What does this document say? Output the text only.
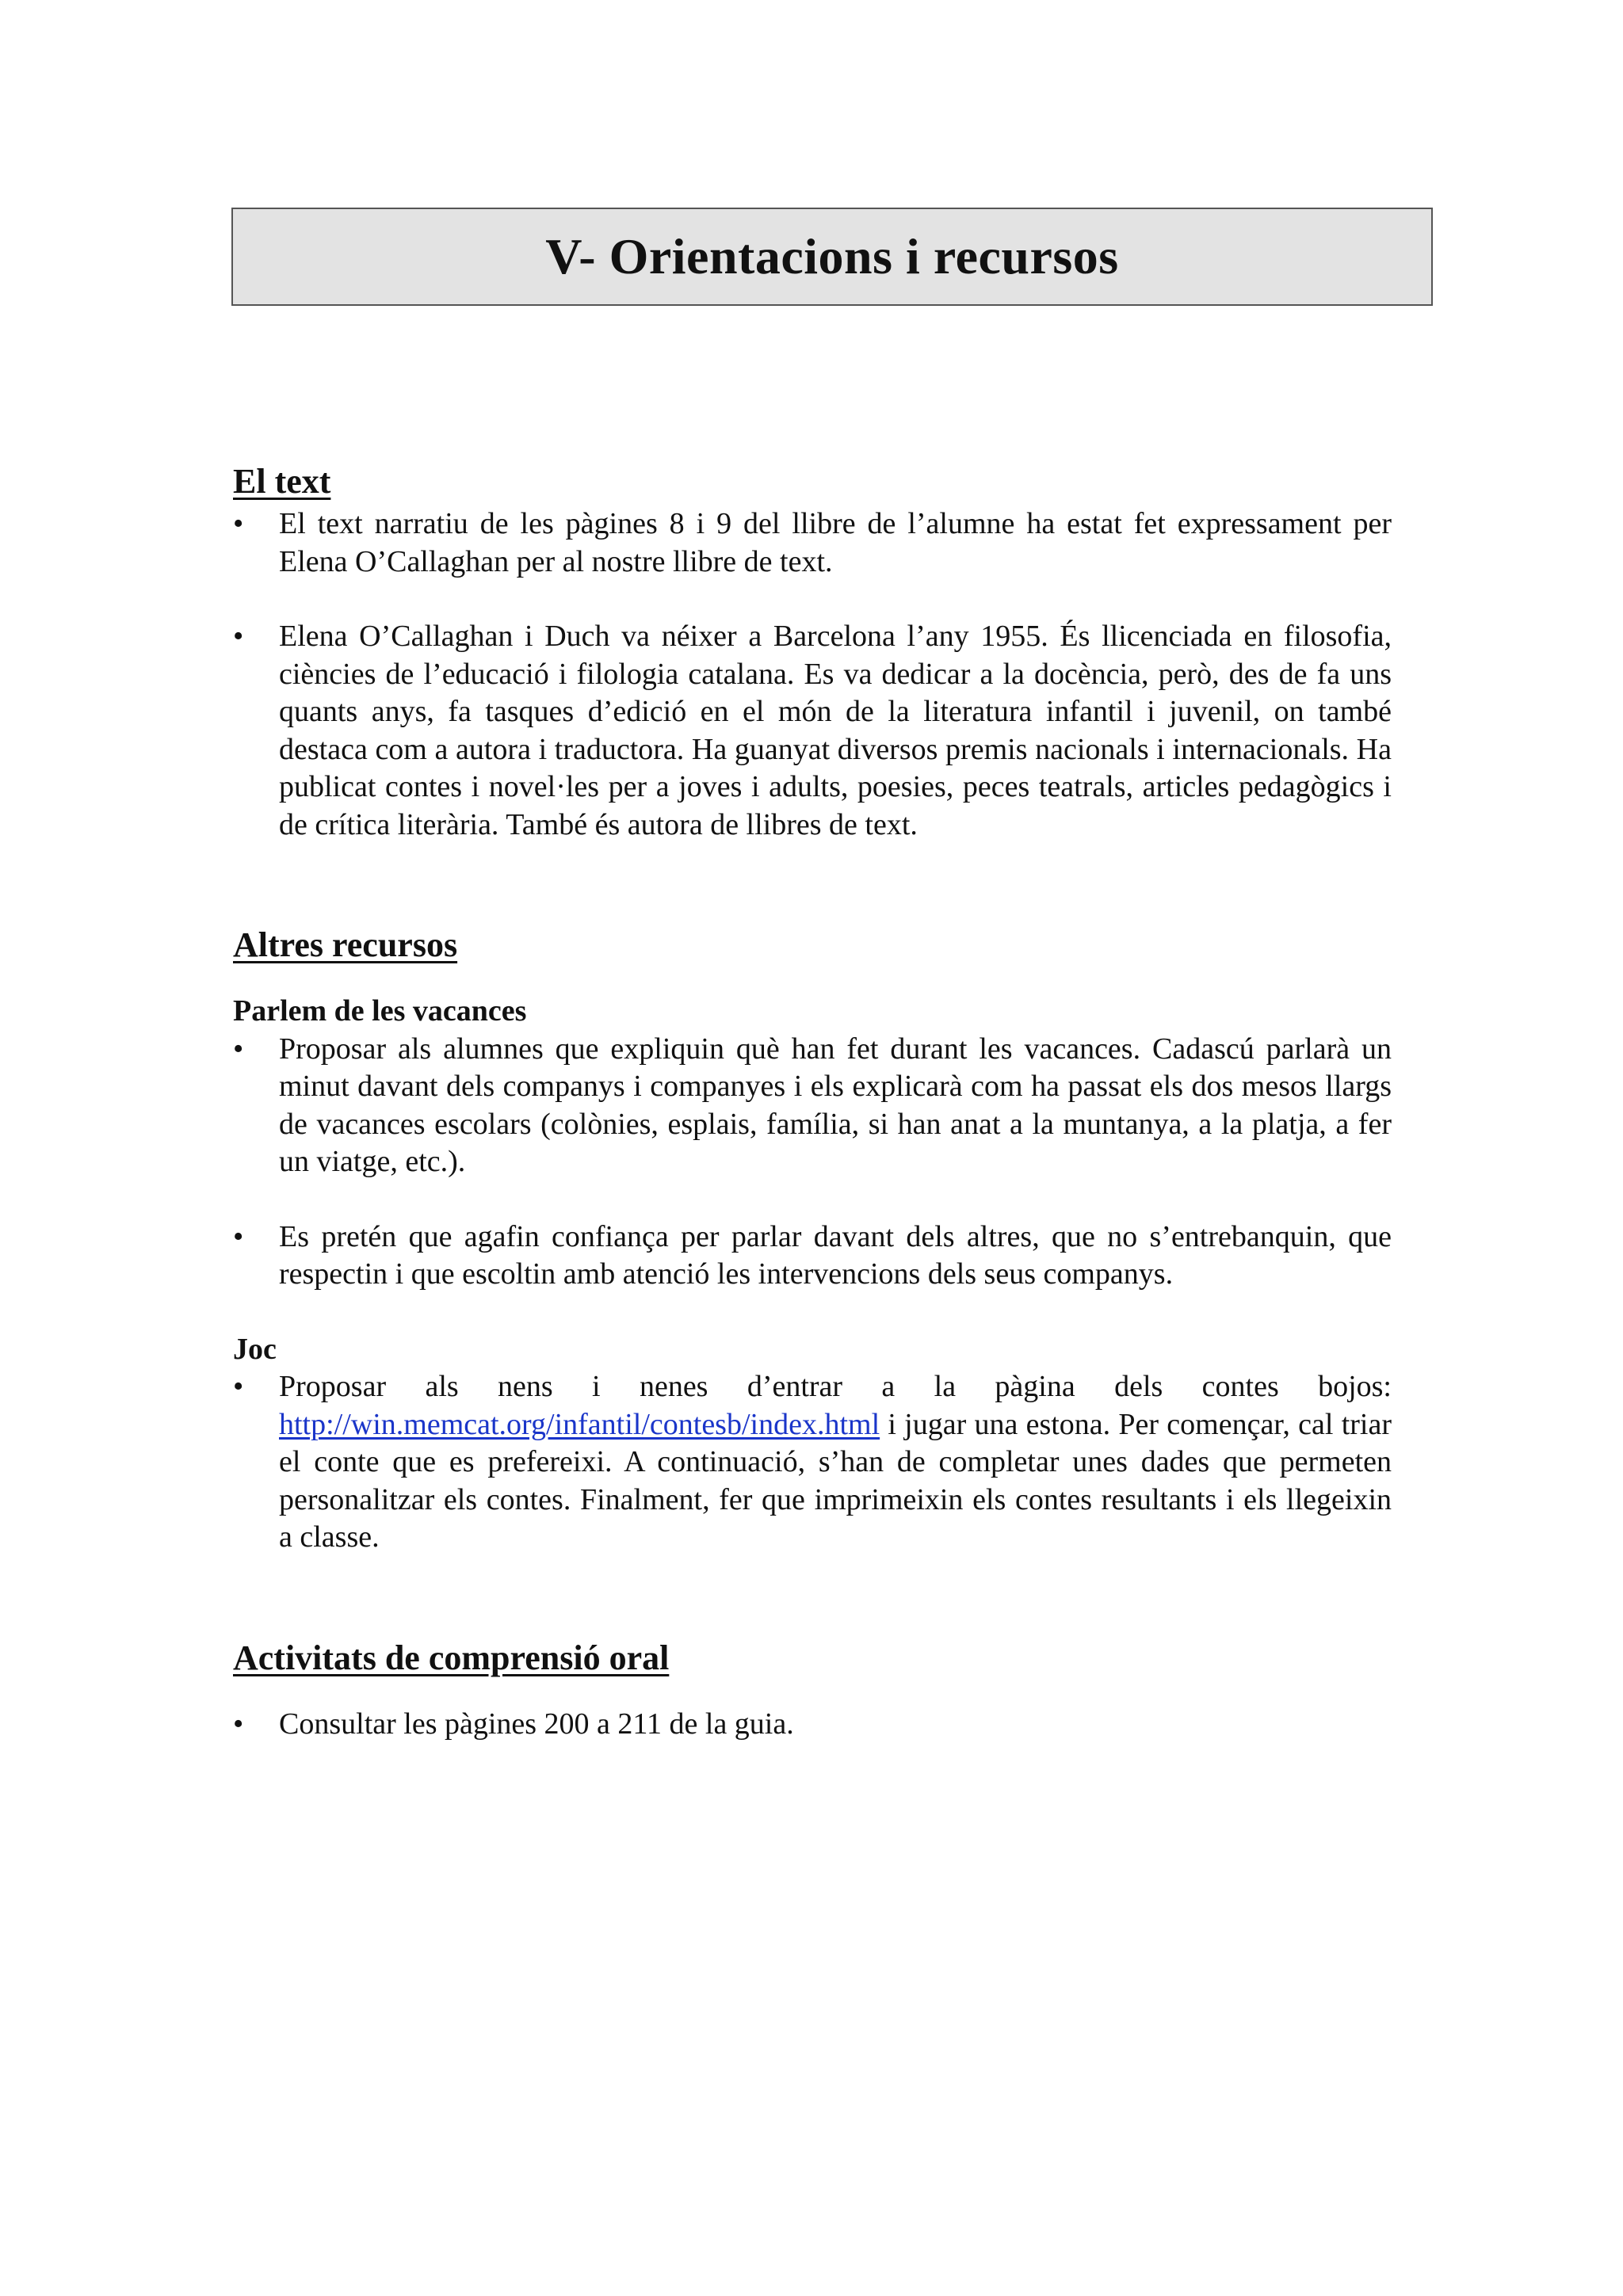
V- Orientacions i recursos
El text
• El text narratiu de les pàgines 8 i 9 del llibre de l’alumne ha estat fet expressament per Elena O’Callaghan per al nostre llibre de text.
• Elena O’Callaghan i Duch va néixer a Barcelona l’any 1955. És llicenciada en filosofia, ciències de l’educació i filologia catalana. Es va dedicar a la docència, però, des de fa uns quants anys, fa tasques d’edició en el món de la literatura infantil i juvenil, on també destaca com a autora i traductora. Ha guanyat diversos premis nacionals i internacionals. Ha publicat contes i novel·les per a joves i adults, poesies, peces teatrals, articles pedagògics i de crítica literària. També és autora de llibres de text.
Altres recursos
Parlem de les vacances
• Proposar als alumnes que expliquin què han fet durant les vacances. Cadascú parlarà un minut davant dels companys i companyes i els explicarà com ha passat els dos mesos llargs de vacances escolars (colònies, esplais, família, si han anat a la muntanya, a la platja, a fer un viatge, etc.).
• Es pretén que agafin confiança per parlar davant dels altres, que no s’entrebanquin, que respectin i que escoltin amb atenció les intervencions dels seus companys.
Joc
• Proposar als nens i nenes d’entrar a la pàgina dels contes bojos: http://win.memcat.org/infantil/contesb/index.html i jugar una estona. Per començar, cal triar el conte que es prefereixi. A continuació, s’han de completar unes dades que permeten personalitzar els contes. Finalment, fer que imprimeixin els contes resultants i els llegeixin a classe.
Activitats de comprensió oral
• Consultar les pàgines 200 a 211 de la guia.
